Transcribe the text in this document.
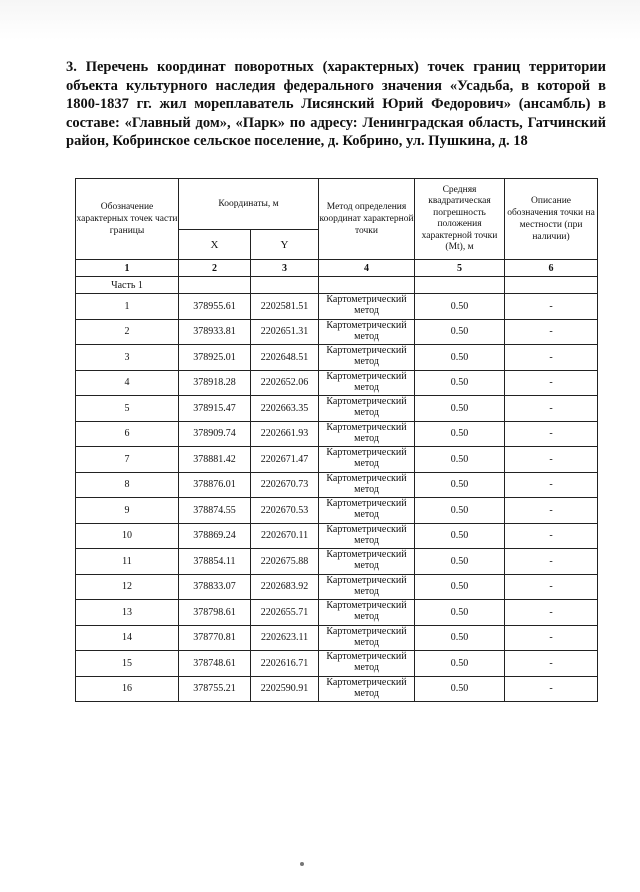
3. Перечень координат поворотных (характерных) точек границ территории объекта культурного наследия федерального значения «Усадьба, в которой в 1800-1837 гг. жил мореплаватель Лисянский Юрий Федорович» (ансамбль) в составе: «Главный дом», «Парк» по адресу: Ленинградская область, Гатчинский район, Кобринское сельское поселение, д. Кобрино, ул. Пушкина, д. 18

Обозначение характерных точек части границы	Координаты, м		Метод определения координат характерной точки	Средняя квадратическая погрешность положения характерной точки (Mt), м	Описание обозначения точки на местности (при наличии)
	X	Y			
1	2	3	4	5	6
Часть 1					
1	378955.61	2202581.51	Картометрический метод	0.50	-
2	378933.81	2202651.31	Картометрический метод	0.50	-
3	378925.01	2202648.51	Картометрический метод	0.50	-
4	378918.28	2202652.06	Картометрический метод	0.50	-
5	378915.47	2202663.35	Картометрический метод	0.50	-
6	378909.74	2202661.93	Картометрический метод	0.50	-
7	378881.42	2202671.47	Картометрический метод	0.50	-
8	378876.01	2202670.73	Картометрический метод	0.50	-
9	378874.55	2202670.53	Картометрический метод	0.50	-
10	378869.24	2202670.11	Картометрический метод	0.50	-
11	378854.11	2202675.88	Картометрический метод	0.50	-
12	378833.07	2202683.92	Картометрический метод	0.50	-
13	378798.61	2202655.71	Картометрический метод	0.50	-
14	378770.81	2202623.11	Картометрический метод	0.50	-
15	378748.61	2202616.71	Картометрический метод	0.50	-
16	378755.21	2202590.91	Картометрический метод	0.50	-
